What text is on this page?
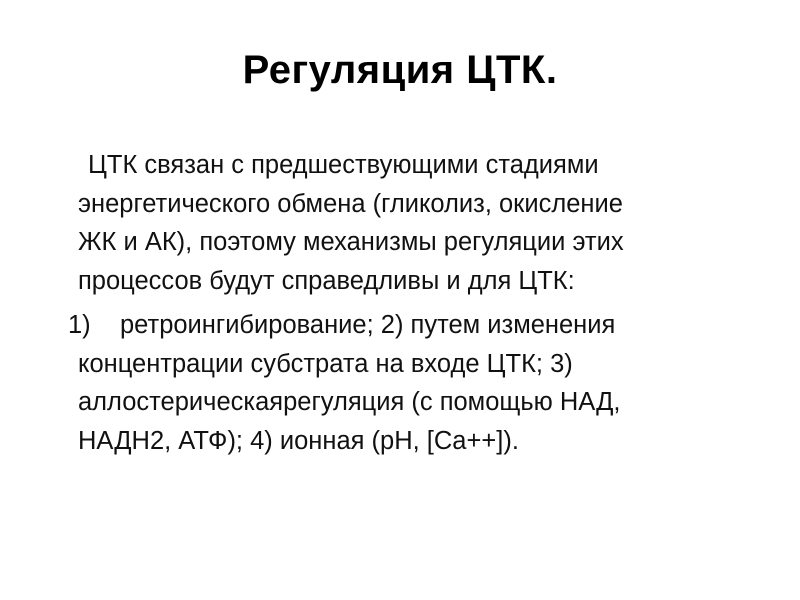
Регуляция ЦТК.

ЦТК связан с предшествующими стадиями
энергетического обмена (гликолиз, окисление
ЖК и АК), поэтому механизмы регуляции этих
процессов будут справедливы и для ЦТК:

1) ретроингибирование; 2) путем изменения
концентрации субстрата на входе ЦТК; 3)
аллостерическаярегуляция (с помощью НАД,
НАДН2, АТФ); 4) ионная (pH, [Ca++]).
